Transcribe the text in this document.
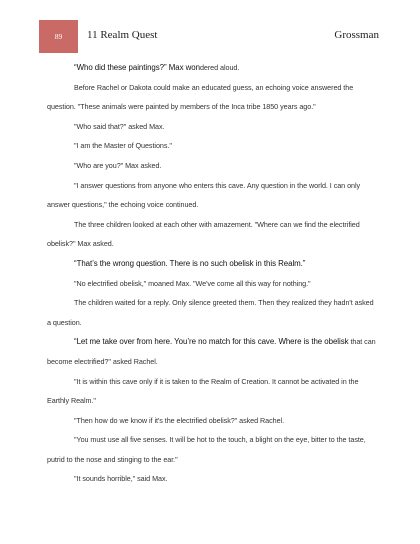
89	11 Realm Quest	Grossman

“Who did these paintings?” Max wondered aloud.

Before Rachel or Dakota could make an educated guess, an echoing voice answered the question. "These animals were painted by members of the Inca tribe 1850 years ago."

"Who said that?" asked Max.

"I am the Master of Questions."

"Who are you?" Max asked.

"I answer questions from anyone who enters this cave. Any question in the world. I can only answer questions," the echoing voice continued.

The three children looked at each other with amazement. "Where can we find the electrified obelisk?" Max asked.

“That’s the wrong question. There is no such obelisk in this Realm.”

"No electrified obelisk," moaned Max. "We've come all this way for nothing."

The children waited for a reply. Only silence greeted them. Then they realized they hadn't asked a question.

“Let me take over from here. You’re no match for this cave. Where is the obelisk that can become electrified?" asked Rachel.

"It is within this cave only if it is taken to the Realm of Creation. It cannot be activated in the Earthly Realm."

"Then how do we know if it's the electrified obelisk?" asked Rachel.

"You must use all five senses. It will be hot to the touch, a blight on the eye, bitter to the taste, putrid to the nose and stinging to the ear."

"It sounds horrible," said Max.
